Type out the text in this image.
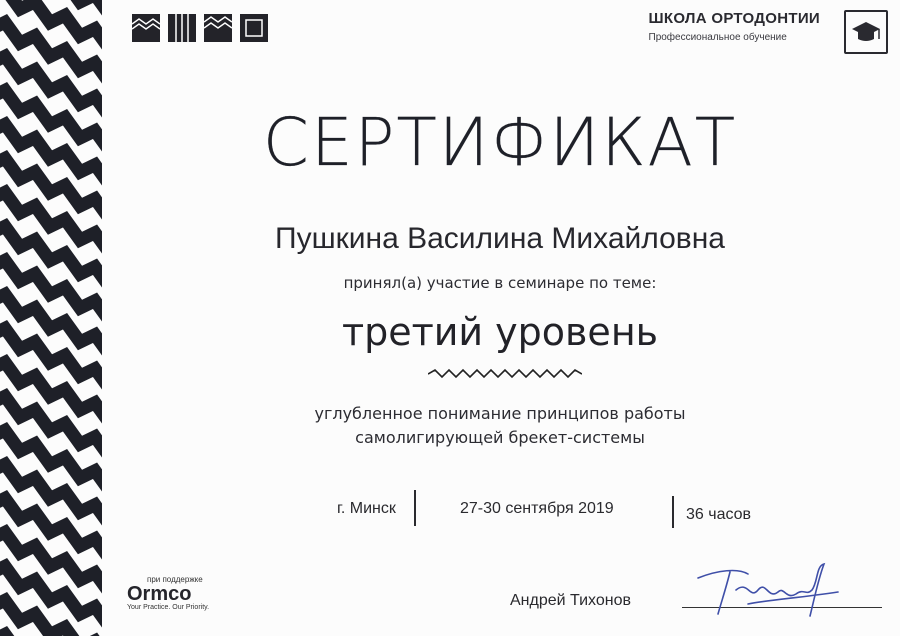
ШКОЛА ОРТОДОНТИИ
Профессиональное обучение
СЕРТИФИКАТ
Пушкина Василина Михайловна
принял(а) участие в семинаре по теме:
третий уровень
углубленное понимание принципов работы
самолигирующей брекет-системы
г. Минск	27-30 сентября 2019	36 часов
при поддержке
Ormco
Your Practice. Our Priority.	Андрей Тихонов
